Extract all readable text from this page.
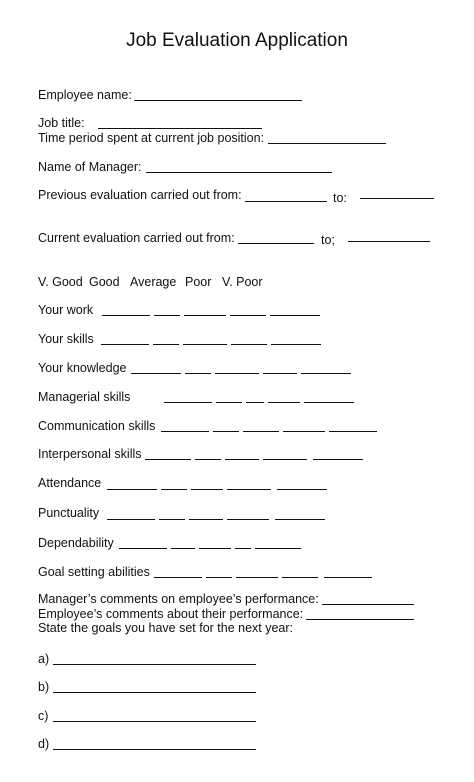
Job Evaluation Application
Employee name:
Job title:
Time period spent at current job position:
Name of Manager:
Previous evaluation carried out from:	to:
Current evaluation carried out from:	to;
V. Good Good Average Poor V. Poor
Your work
Your skills
Your knowledge
Managerial skills
Communication skills
Interpersonal skills
Attendance
Punctuality
Dependability
Goal setting abilities
Manager’s comments on employee’s performance:
Employee’s comments about their performance:
State the goals you have set for the next year:
a)
b)
c)
d)
